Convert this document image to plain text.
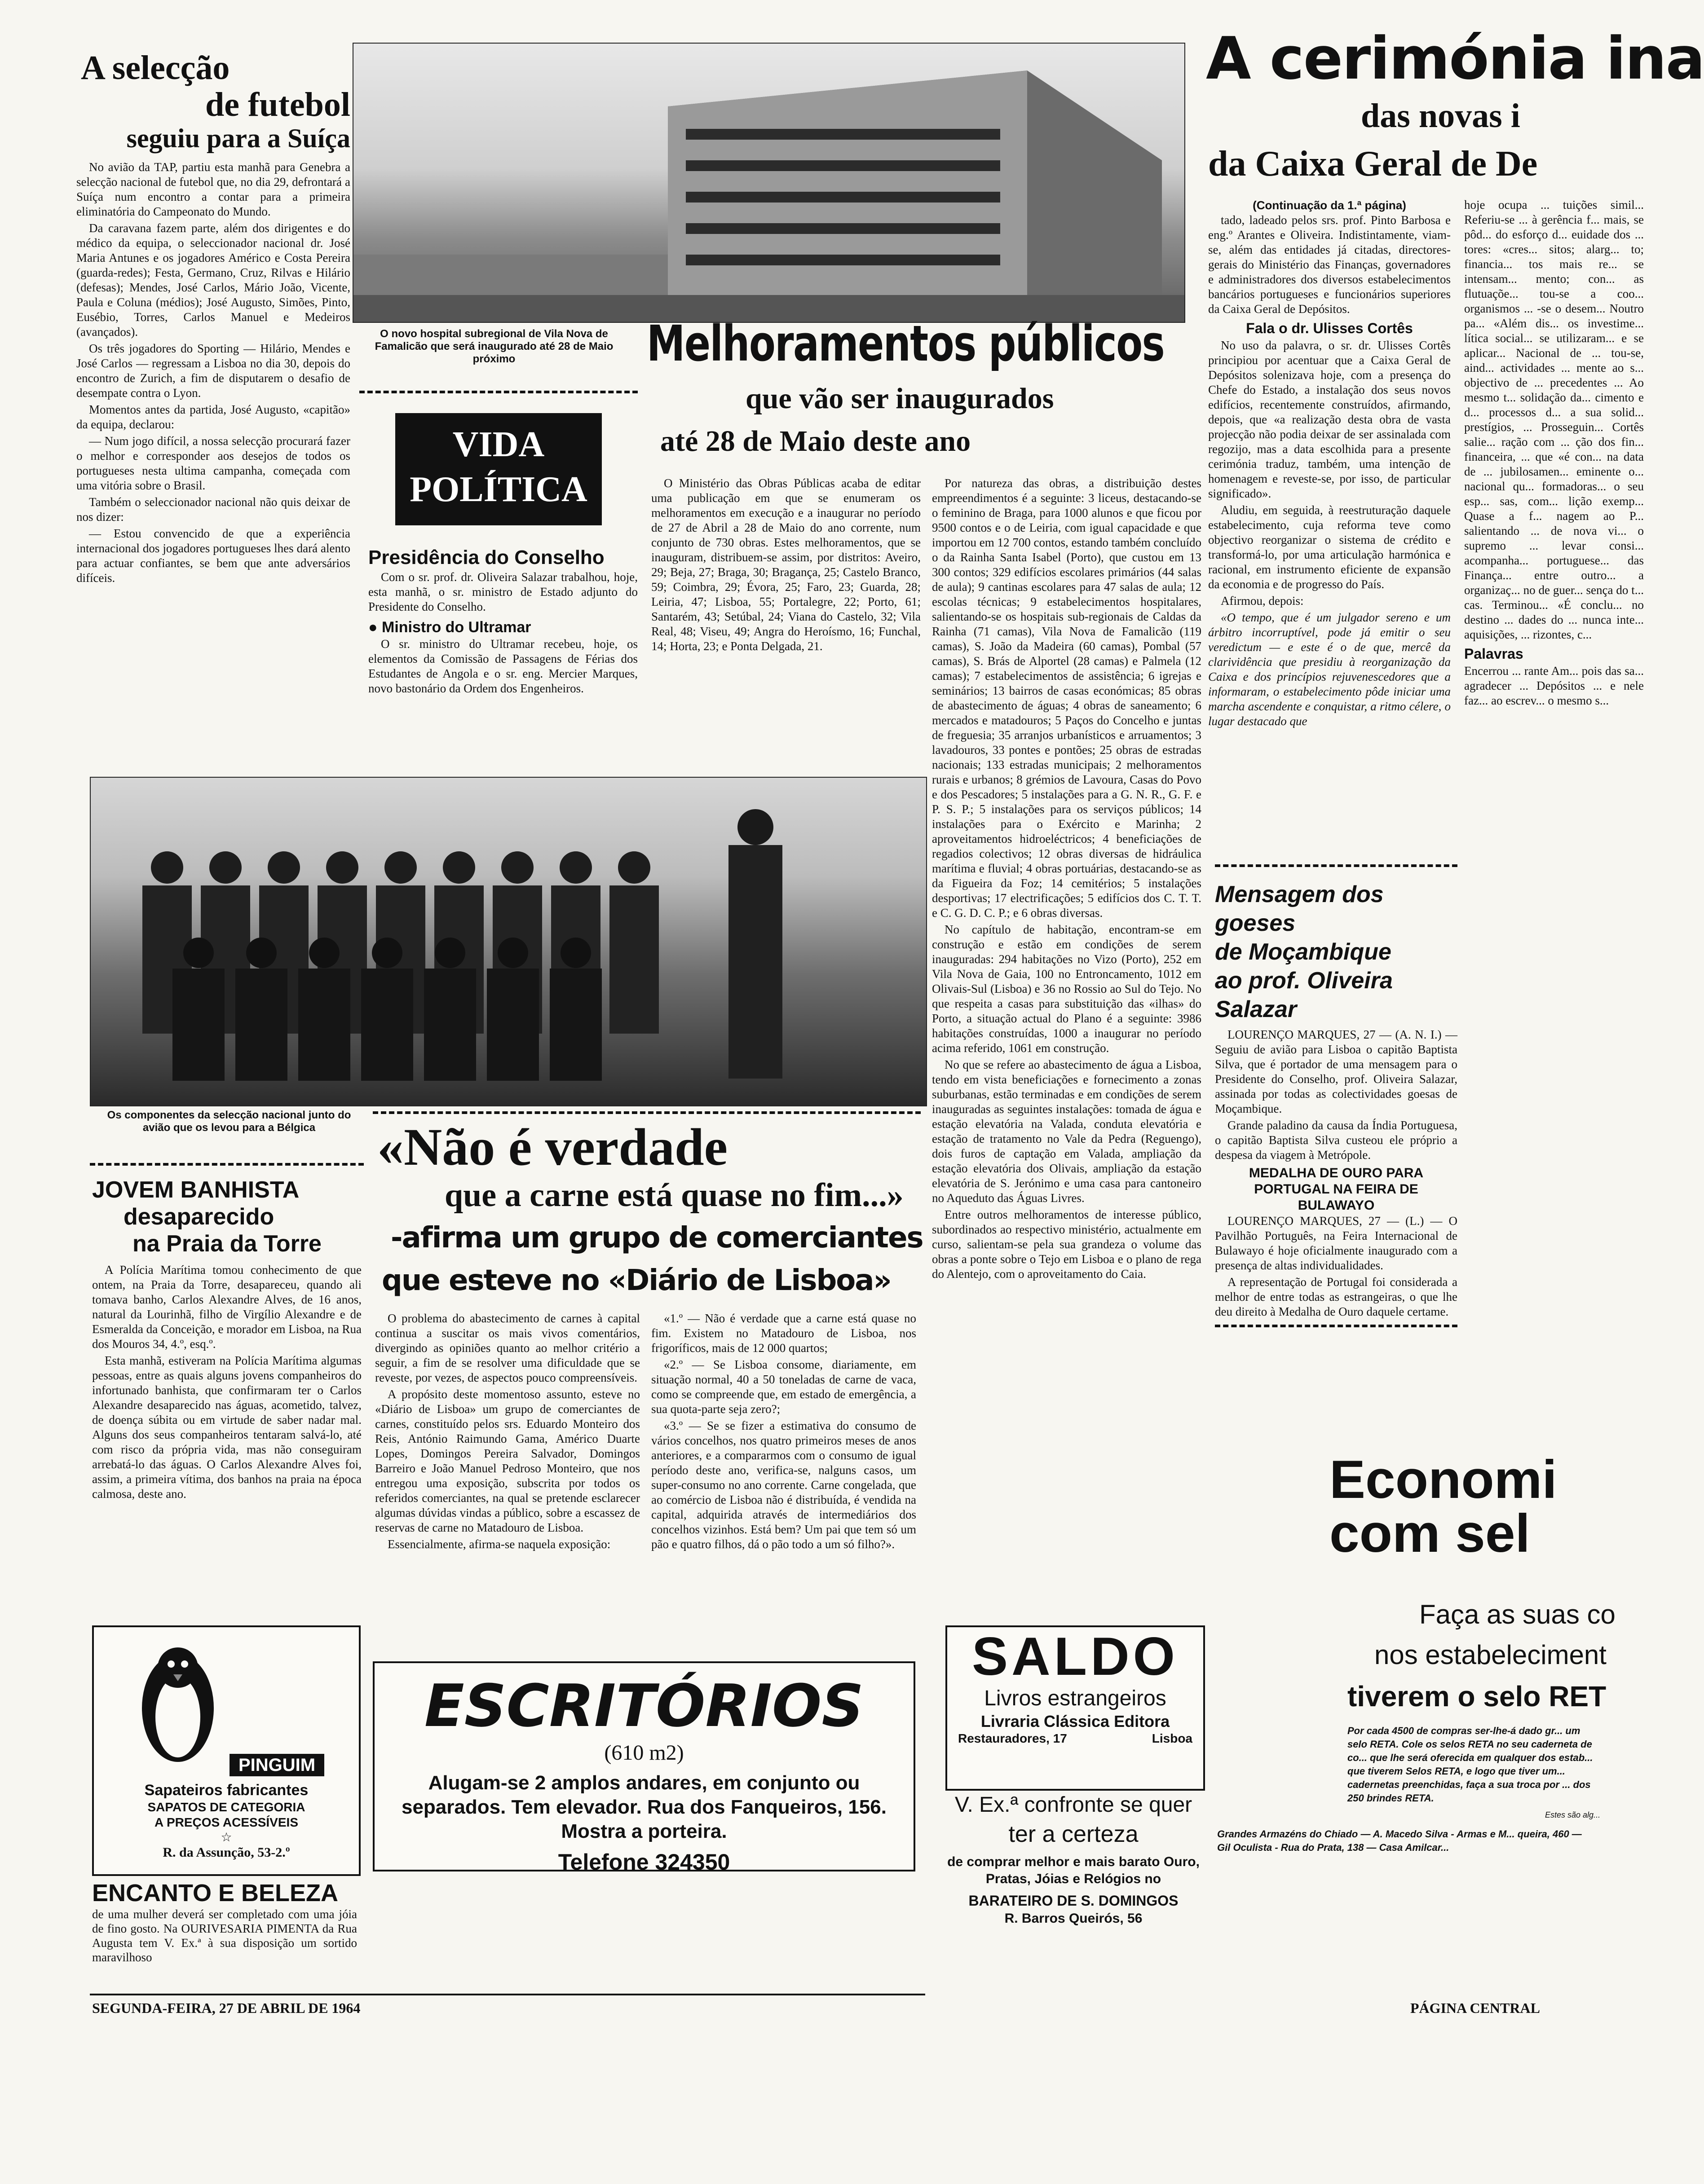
A selecção
de futebol
seguiu para a Suíça

No avião da TAP, partiu esta manhã para Genebra a selecção nacional de futebol que, no dia 29, defrontará a Suíça num encontro a contar para a primeira eliminatória do Campeonato do Mundo.

Da caravana fazem parte, além dos dirigentes e do médico da equipa, o seleccionador nacional dr. José Maria Antunes e os jogadores Américo e Costa Pereira (guarda-redes); Festa, Germano, Cruz, Rilvas e Hilário (defesas); Mendes, José Carlos, Mário João, Vicente, Paula e Coluna (médios); José Augusto, Simões, Pinto, Eusébio, Torres, Carlos Manuel e Medeiros (avançados).

Os três jogadores do Sporting — Hilário, Mendes e José Carlos — regressam a Lisboa no dia 30, depois do encontro de Zurich, a fim de disputarem o desafio de desempate contra o Lyon.

Momentos antes da partida, José Augusto, «capitão» da equipa, declarou:

— Num jogo difícil, a nossa selecção procurará fazer o melhor e corresponder aos desejos de todos os portugueses nesta ultima campanha, começada com uma vitória sobre o Brasil.

Também o seleccionador nacional não quis deixar de nos dizer:

— Estou convencido de que a experiência internacional dos jogadores portugueses lhes dará alento para actuar confiantes, se bem que ante adversários difíceis.

O novo hospital subregional de Vila Nova de Famalicão que será inaugurado até 28 de Maio próximo	Melhoramentos públicos
que vão ser inaugurados
até 28 de Maio deste ano

O Ministério das Obras Públicas acaba de editar uma publicação em que se enumeram os melhoramentos em execução e a inaugurar no período de 27 de Abril a 28 de Maio do ano corrente, num conjunto de 730 obras. Estes melhoramentos, que se inauguram, distribuem-se assim, por distritos: Aveiro, 29; Beja, 27; Braga, 30; Bragança, 25; Castelo Branco, 59; Coimbra, 29; Évora, 25; Faro, 23; Guarda, 28; Leiria, 47; Lisboa, 55; Portalegre, 22; Porto, 61; Santarém, 43; Setúbal, 24; Viana do Castelo, 32; Vila Real, 48; Viseu, 49; Angra do Heroísmo, 16; Funchal, 14; Horta, 23; e Ponta Delgada, 21.

Por natureza das obras, a distribuição destes empreendimentos é a seguinte: 3 liceus, destacando-se o feminino de Braga, para 1000 alunos e que ficou por 9500 contos e o de Leiria, com igual capacidade e que importou em 12 700 contos, estando também concluído o da Rainha Santa Isabel (Porto), que custou em 13 300 contos; 329 edifícios escolares primários (44 salas de aula); 9 cantinas escolares para 47 salas de aula; 12 escolas técnicas; 9 estabelecimentos hospitalares, salientando-se os hospitais sub-regionais de Caldas da Rainha (71 camas), Vila Nova de Famalicão (119 camas), S. João da Madeira (60 camas), Pombal (57 camas), S. Brás de Alportel (28 camas) e Palmela (12 camas); 7 estabelecimentos de assistência; 6 igrejas e seminários; 13 bairros de casas económicas; 85 obras de abastecimento de águas; 4 obras de saneamento; 6 mercados e matadouros; 5 Paços do Concelho e juntas de freguesia; 35 arranjos urbanísticos e arruamentos; 3 lavadouros, 33 pontes e pontões; 25 obras de estradas nacionais; 133 estradas municipais; 2 melhoramentos rurais e urbanos; 8 grémios de Lavoura, Casas do Povo e dos Pescadores; 5 instalações para a G. N. R., G. F. e P. S. P.; 5 instalações para os serviços públicos; 14 instalações para o Exército e Marinha; 2 aproveitamentos hidroeléctricos; 4 beneficiações de regadios colectivos; 12 obras diversas de hidráulica marítima e fluvial; 4 obras portuárias, destacando-se as da Figueira da Foz; 14 cemitérios; 5 instalações desportivas; 17 electrificações; 5 edifícios dos C. T. T. e C. G. D. C. P.; e 6 obras diversas.

No capítulo de habitação, encontram-se em construção e estão em condições de serem inauguradas: 294 habitações no Vizo (Porto), 252 em Vila Nova de Gaia, 100 no Entroncamento, 1012 em Olivais-Sul (Lisboa) e 36 no Rossio ao Sul do Tejo. No que respeita a casas para substituição das «ilhas» do Porto, a situação actual do Plano é a seguinte: 3986 habitações construídas, 1000 a inaugurar no período acima referido, 1061 em construção.

No que se refere ao abastecimento de água a Lisboa, tendo em vista beneficiações e fornecimento a zonas suburbanas, estão terminadas e em condições de serem inauguradas as seguintes instalações: tomada de água e estação elevatória na Valada, conduta elevatória e estação de tratamento no Vale da Pedra (Reguengo), dois furos de captação em Valada, ampliação da estação elevatória dos Olivais, ampliação da estação elevatória de S. Jerónimo e uma casa para cantoneiro no Aqueduto das Águas Livres.

Entre outros melhoramentos de interesse público, subordinados ao respectivo ministério, actualmente em curso, salientam-se pela sua grandeza o volume das obras a ponte sobre o Tejo em Lisboa e o plano de rega do Alentejo, com o aproveitamento do Caia.

VIDA
POLÍTICA
Presidência do Conselho

Com o sr. prof. dr. Oliveira Salazar trabalhou, hoje, esta manhã, o sr. ministro de Estado adjunto do Presidente do Conselho.

● Ministro do Ultramar

O sr. ministro do Ultramar recebeu, hoje, os elementos da Comissão de Passagens de Férias dos Estudantes de Angola e o sr. eng. Mercier Marques, novo bastonário da Ordem dos Engenheiros.

Os componentes da selecção nacional junto do avião que os levou para a Bélgica
JOVEM BANHISTA
desaparecido
na Praia da Torre

A Polícia Marítima tomou conhecimento de que ontem, na Praia da Torre, desapareceu, quando ali tomava banho, Carlos Alexandre Alves, de 16 anos, natural da Lourinhã, filho de Virgílio Alexandre e de Esmeralda da Conceição, e morador em Lisboa, na Rua dos Mouros 34, 4.º, esq.º.

Esta manhã, estiveram na Polícia Marítima algumas pessoas, entre as quais alguns jovens companheiros do infortunado banhista, que confirmaram ter o Carlos Alexandre desaparecido nas águas, acometido, talvez, de doença súbita ou em virtude de saber nadar mal. Alguns dos seus companheiros tentaram salvá-lo, até com risco da própria vida, mas não conseguiram arrebatá-lo das águas. O Carlos Alexandre Alves foi, assim, a primeira vítima, dos banhos na praia na época calmosa, deste ano.

«Não é verdade
que a carne está quase no fim...»
-afirma um grupo de comerciantes
que esteve no «Diário de Lisboa»

O problema do abastecimento de carnes à capital continua a suscitar os mais vivos comentários, divergindo as opiniões quanto ao melhor critério a seguir, a fim de se resolver uma dificuldade que se reveste, por vezes, de aspectos pouco compreensíveis.

A propósito deste momentoso assunto, esteve no «Diário de Lisboa» um grupo de comerciantes de carnes, constituído pelos srs. Eduardo Monteiro dos Reis, António Raimundo Gama, Américo Duarte Lopes, Domingos Pereira Salvador, Domingos Barreiro e João Manuel Pedroso Monteiro, que nos entregou uma exposição, subscrita por todos os referidos comerciantes, na qual se pretende esclarecer algumas dúvidas vindas a público, sobre a escassez de reservas de carne no Matadouro de Lisboa.

Essencialmente, afirma-se naquela exposição:

«1.º — Não é verdade que a carne está quase no fim. Existem no Matadouro de Lisboa, nos frigoríficos, mais de 12 000 quartos;

«2.º — Se Lisboa consome, diariamente, em situação normal, 40 a 50 toneladas de carne de vaca, como se compreende que, em estado de emergência, a sua quota-parte seja zero?;

«3.º — Se se fizer a estimativa do consumo de vários concelhos, nos quatro primeiros meses de anos anteriores, e a compararmos com o consumo de igual período deste ano, verifica-se, nalguns casos, um super-consumo no ano corrente. Carne congelada, que ao comércio de Lisboa não é distribuída, é vendida na capital, adquirida através de intermediários dos concelhos vizinhos. Está bem? Um pai que tem só um pão e quatro filhos, dá o pão todo a um só filho?».

PINGUIM
Sapateiros fabricantes
SAPATOS DE CATEGORIA
A PREÇOS ACESSÍVEIS
☆
R. da Assunção, 53-2.º
ENCANTO E BELEZA
de uma mulher deverá ser completado com uma jóia de fino gosto. Na OURIVESARIA PIMENTA da Rua Augusta tem V. Ex.ª à sua disposição um sortido maravilhoso
ESCRITÓRIOS
(610 m2)
Alugam-se 2 amplos andares, em conjunto ou separados. Tem elevador. Rua dos Fanqueiros, 156. Mostra a porteira.
Telefone 324350
SALDO
Livros estrangeiros
Livraria Clássica Editora
Restauradores, 17	Lisboa
V. Ex.ª confronte se quer
ter a certeza
de comprar melhor e mais barato Ouro, Pratas, Jóias e Relógios no
BARATEIRO DE S. DOMINGOS
R. Barros Queirós, 56
A cerimónia ina
das novas i
da Caixa Geral de De
(Continuação da 1.ª página)

tado, ladeado pelos srs. prof. Pinto Barbosa e eng.º Arantes e Oliveira. Indistintamente, viam-se, além das entidades já citadas, directores-gerais do Ministério das Finanças, governadores e administradores dos diversos estabelecimentos bancários portugueses e funcionários superiores da Caixa Geral de Depósitos.

Fala o dr. Ulisses Cortês

No uso da palavra, o sr. dr. Ulisses Cortês principiou por acentuar que a Caixa Geral de Depósitos solenizava hoje, com a presença do Chefe do Estado, a instalação dos seus novos edifícios, recentemente construídos, afirmando, depois, que «a realização desta obra de vasta projecção não podia deixar de ser assinalada com regozijo, mas a data escolhida para a presente cerimónia traduz, também, uma intenção de homenagem e reveste-se, por isso, de particular significado».

Aludiu, em seguida, à reestruturação daquele estabelecimento, cuja reforma teve como objectivo reorganizar o sistema de crédito e transformá-lo, por uma articulação harmónica e racional, em instrumento eficiente de expansão da economia e de progresso do País.

Afirmou, depois:

«O tempo, que é um julgador sereno e um árbitro incorruptível, pode já emitir o seu veredictum — e este é o de que, mercê da clarividência que presidiu à reorganização da Caixa e dos princípios rejuvenescedores que a informaram, o estabelecimento pôde iniciar uma marcha ascendente e conquistar, a ritmo célere, o lugar destacado que

hoje ocupa ... tuições simil... Referiu-se ... à gerência f... mais, se pôd... do esforço d... euidade dos ... tores: «cres... sitos; alarg... to; financia... tos mais re... se intensam... mento; con... as flutuaçõe... tou-se a coo... organismos ... -se o desem... Noutro pa... «Além dis... os investime... lítica social... se utilizaram... e se aplicar... Nacional de ... tou-se, aind... actividades ... mente ao s... objectivo de ... precedentes ... Ao mesmo t... solidação da... cimento e d... processos d... a sua solid... prestígios, ... Prosseguin... Cortês salie... ração com ... ção dos fin... financeira, ... que «é con... na data de ... jubilosamen... eminente o... nacional qu... formadoras... o seu esp... sas, com... lição exemp... Quase a f... nagem ao P... salientando ... de nova vi... o supremo ... levar consi... acompanha... portuguese... das Finança... entre outro... a organizaç... no de guer... sença do t... cas. Terminou... «É conclu... no destino ... dades do ... nunca inte... aquisições, ... rizontes, c...

Palavras

Encerrou ... rante Am... pois das sa... agradecer ... Depósitos ... e nele faz... ao escrev... o mesmo s...

Mensagem dos goeses
de Moçambique
ao prof. Oliveira Salazar

LOURENÇO MARQUES, 27 — (A. N. I.) — Seguiu de avião para Lisboa o capitão Baptista Silva, que é portador de uma mensagem para o Presidente do Conselho, prof. Oliveira Salazar, assinada por todas as colectividades goesas de Moçambique.

Grande paladino da causa da Índia Portuguesa, o capitão Baptista Silva custeou ele próprio a despesa da viagem à Metrópole.

MEDALHA DE OURO PARA PORTUGAL NA FEIRA DE BULAWAYO

LOURENÇO MARQUES, 27 — (L.) — O Pavilhão Português, na Feira Internacional de Bulawayo é hoje oficialmente inaugurado com a presença de altas individualidades.

A representação de Portugal foi considerada a melhor de entre todas as estrangeiras, o que lhe deu direito à Medalha de Ouro daquele certame.

Economi
com sel
Faça as suas co
nos estabeleciment
tiverem o selo RET
Por cada 4500 de compras ser-lhe-á dado gr... um selo RETA. Cole os selos RETA no seu caderneta de co... que lhe será oferecida em qualquer dos estab... que tiverem Selos RETA, e logo que tiver um... cadernetas preenchidas, faça a sua troca por ... dos 250 brindes RETA.
Estes são alg...
Grandes Armazéns do Chiado — A. Macedo Silva - Armas e M... queira, 460 — Gil Oculista - Rua do Prata, 138 — Casa Amilcar...
SEGUNDA-FEIRA, 27 DE ABRIL DE 1964	PÁGINA CENTRAL
